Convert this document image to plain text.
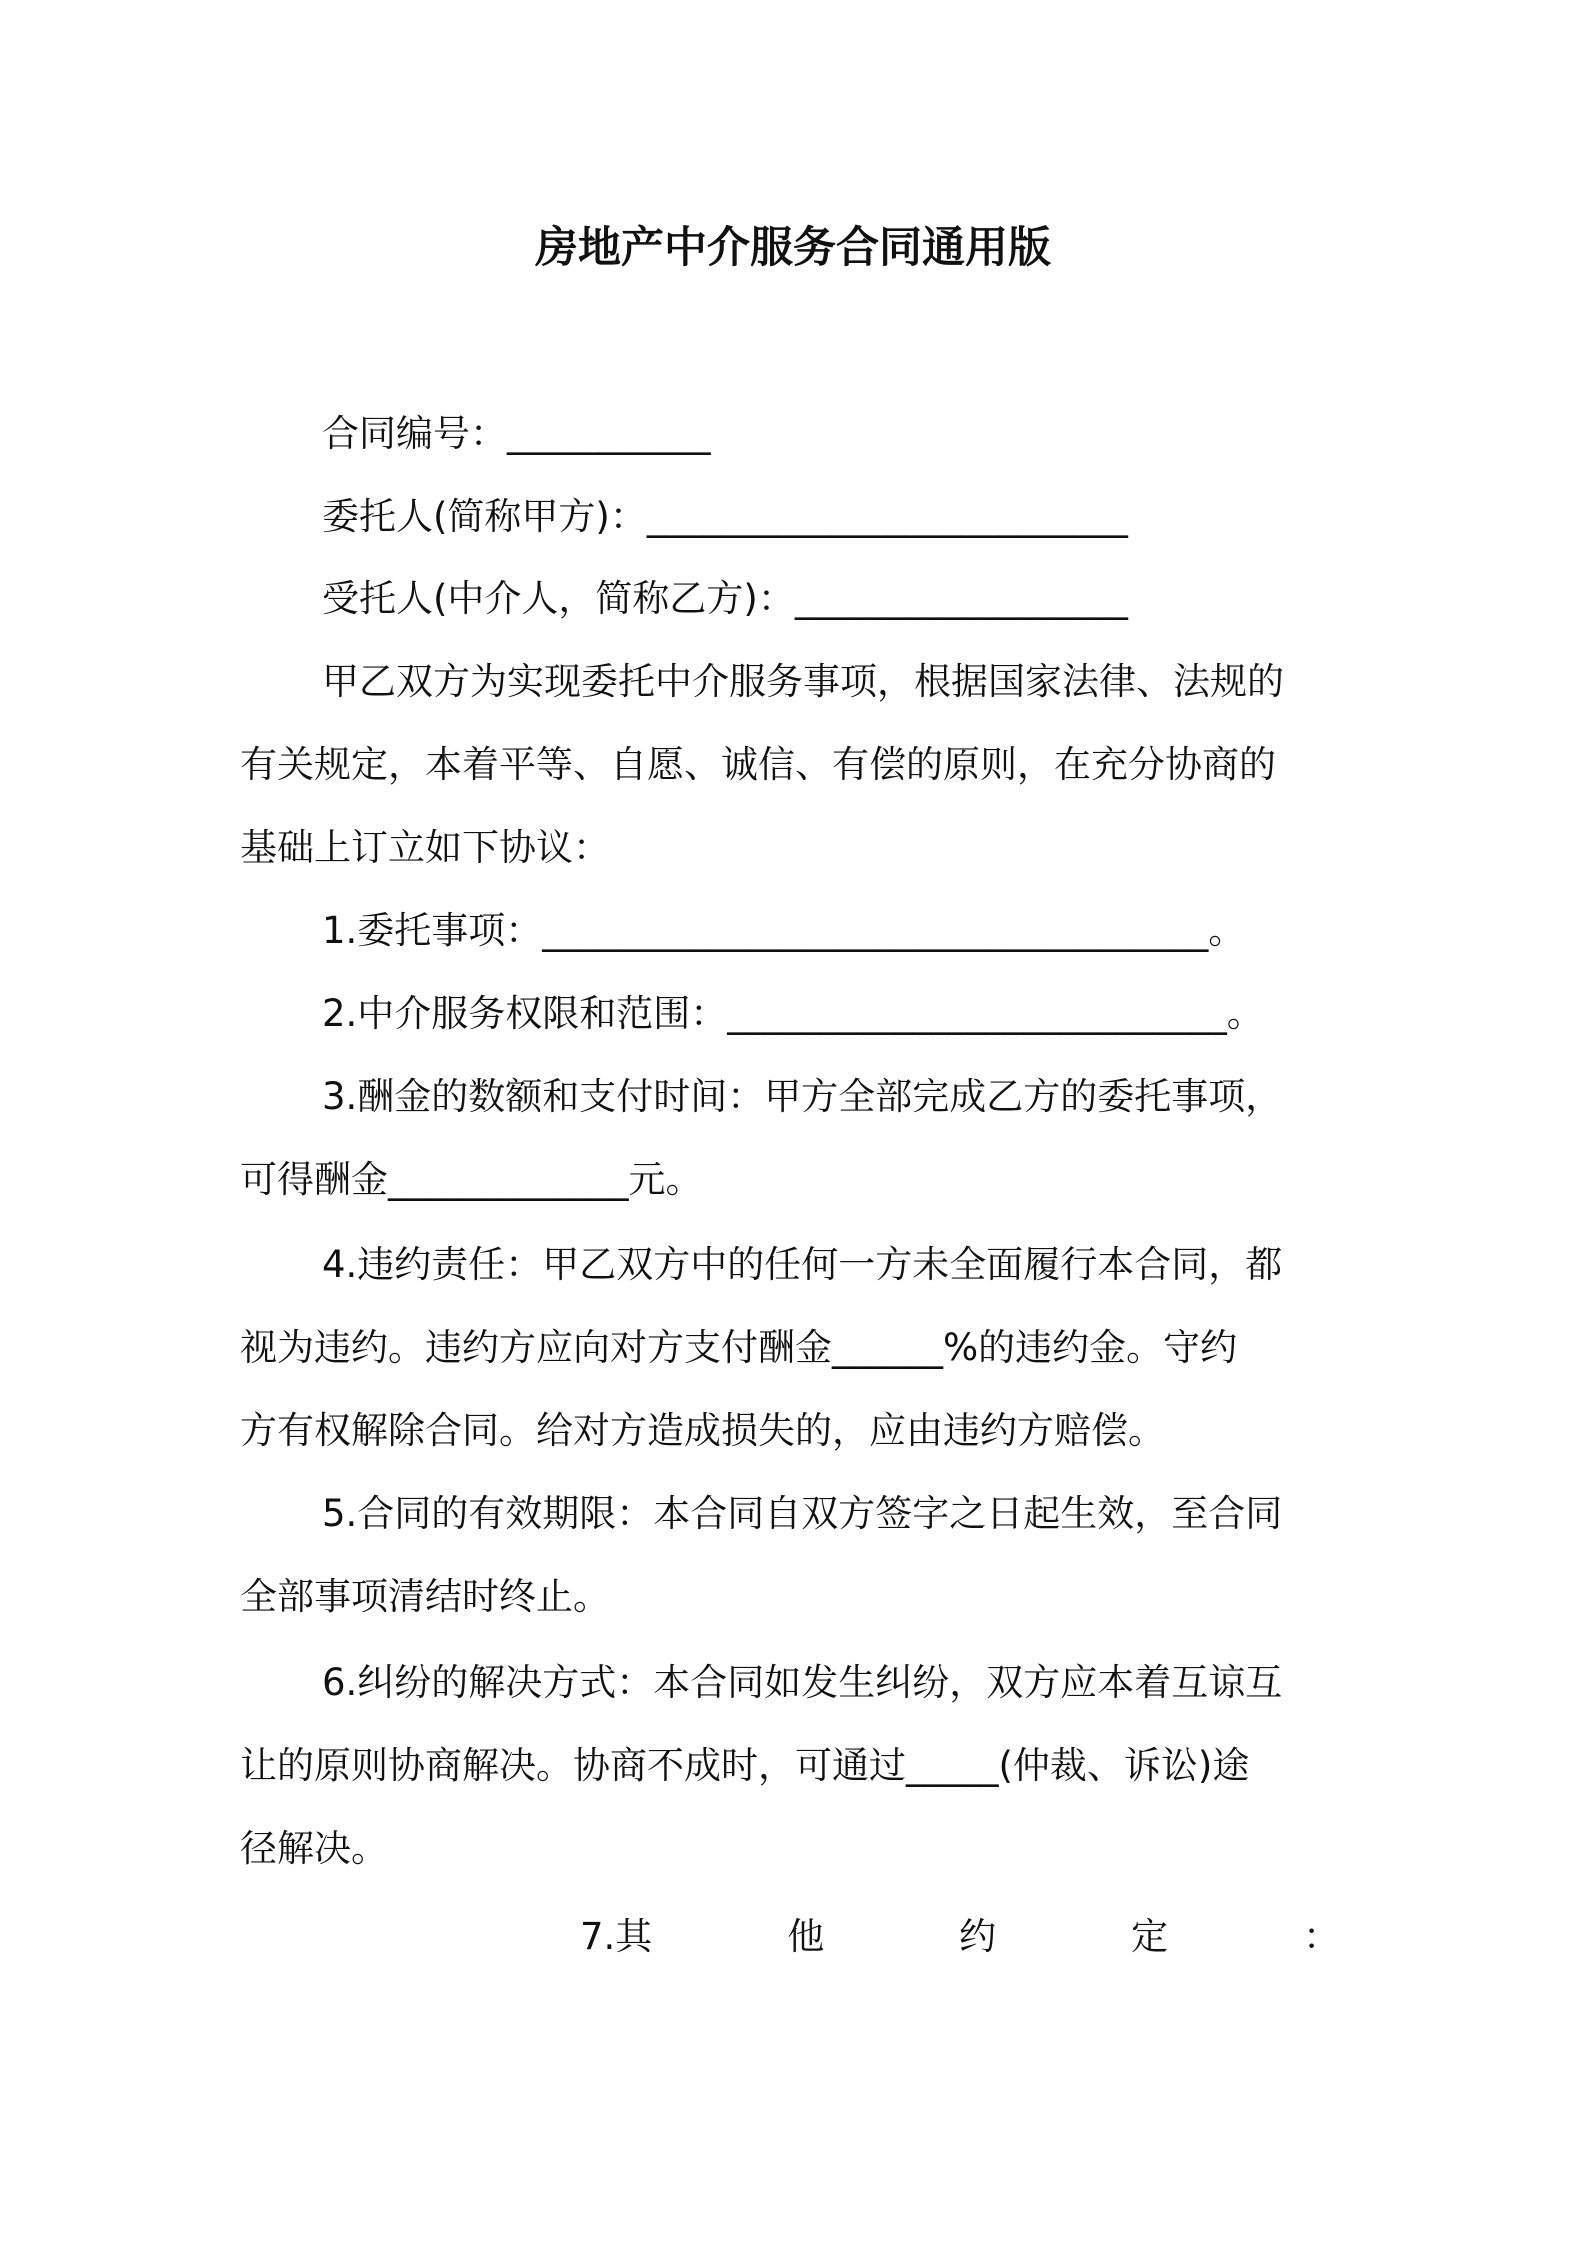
房地产中介服务合同通用版
合同编号：___________
委托人(简称甲方)：__________________________
受托人(中介人，简称乙方)：__________________
甲乙双方为实现委托中介服务事项，根据国家法律、法规的
有关规定，本着平等、自愿、诚信、有偿的原则，在充分协商的
基础上订立如下协议：
1.委托事项：____________________________________。
2.中介服务权限和范围：___________________________。
3.酬金的数额和支付时间：甲方全部完成乙方的委托事项，
可得酬金_____________元。
4.违约责任：甲乙双方中的任何一方未全面履行本合同，都
视为违约。违约方应向对方支付酬金______%的违约金。守约
方有权解除合同。给对方造成损失的，应由违约方赔偿。
5.合同的有效期限：本合同自双方签字之日起生效，至合同
全部事项清结时终止。
6.纠纷的解决方式：本合同如发生纠纷，双方应本着互谅互
让的原则协商解决。协商不成时，可通过_____(仲裁、诉讼)途
径解决。
7.其	他	约	定	：
